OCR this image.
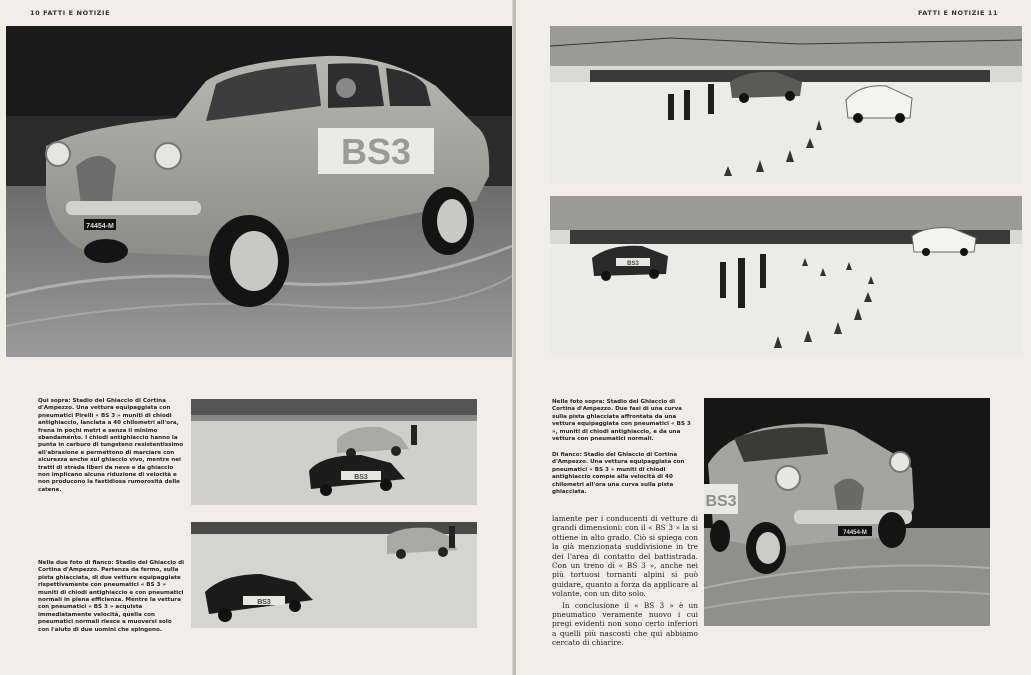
10 FATTI E NOTIZIE
74454-M
BS3
Qui sopra: Stadio del Ghiaccio di Cortina d'Ampezzo. Una vettura equipaggiata con pneumatici Pirelli « BS 3 » muniti di chiodi antighiaccio, lanciata a 40 chilometri all'ora, frena in pochi metri e senza il minimo sbandamento. I chiodi antighiaccio hanno la punta in carburo di tungsteno resistentissimo all'abrasione e permettono di marciare con sicurezza anche sul ghiaccio vivo, mentre nei tratti di strada liberi da neve e da ghiaccio non implicano alcuna riduzione di velocità e non producono la fastidiosa rumorosità delle catene.
BS3
Nelle due foto di fianco: Stadio del Ghiaccio di Cortina d'Ampezzo. Partenza da fermo, sulla pista ghiacciata, di due vetture equipaggiate rispettivamente con pneumatici « BS 3 » muniti di chiodi antighiaccio e con pneumatici normali in piena efficienza. Mentre la vettura con pneumatici « BS 3 » acquista immediatamente velocità, quella con pneumatici normali riesce a muoversi solo con l'aiuto di due uomini che spingono.
BS3
FATTI E NOTIZIE 11
BS3
Nelle foto sopra: Stadio del Ghiaccio di Cortina d'Ampezzo. Due fasi di una curva sulla pista ghiacciata affrontata da una vettura equipaggiata con pneumatici « BS 3 », muniti di chiodi antighiaccio, e da una vettura con pneumatici normali.
Di fianco: Stadio del Ghiaccio di Cortina d'Ampezzo. Una vettura equipaggiata con pneumatici « BS 3 » muniti di chiodi antighiaccio compie alla velocità di 40 chilometri all'ora una curva sulla pista ghiacciata.

lamente per i conducenti di vetture di grandi dimensioni: con il « BS 3 » la si ottiene in alto grado. Ciò si spiega con la già menzionata suddivisione in tre dei l'area di contatto del battistrada. Con un treno di « BS 3 », anche nei più tortuosi tornanti alpini si può guidare, quanto a forza da applicare al volante, con un dito solo.

In conclusione il « BS 3 » è un pneumatico veramente nuovo i cui pregi evidenti non sono certo inferiori a quelli più nascosti che qui abbiamo cercato di chiarire.

74454-M
BS3
